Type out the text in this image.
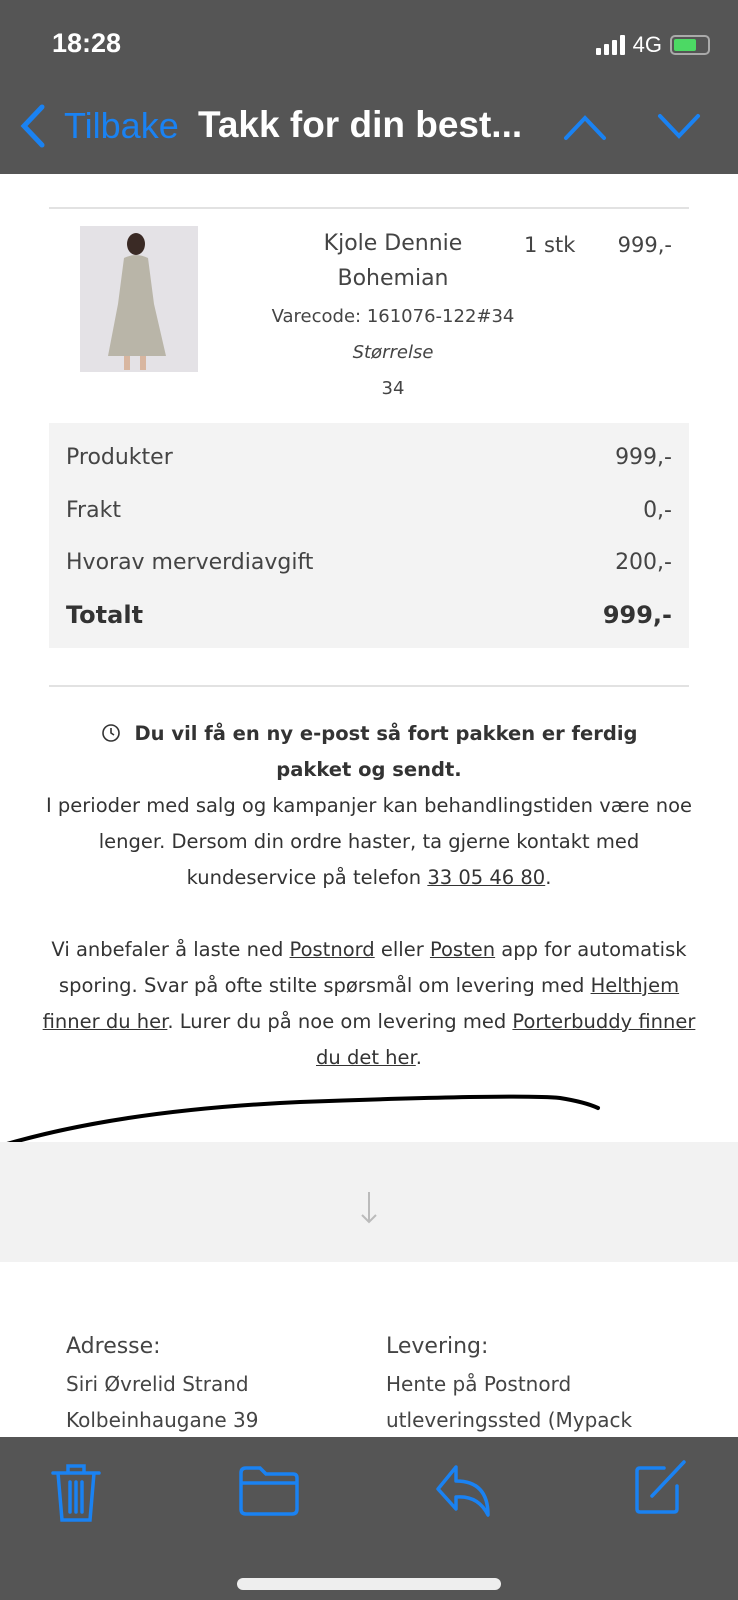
18:28	4G
Tilbake Takk for din best...
Kjole Dennie
Bohemian
Varecode: 161076-122#34
Størrelse
34
1 stk 999,-
Produkter	999,-
Frakt	0,-
Hvorav merverdiavgift	200,-
Totalt	999,-
Du vil få en ny e-post så fort pakken er ferdig pakket og sendt.
I perioder med salg og kampanjer kan behandlingstiden være noe lenger. Dersom din ordre haster, ta gjerne kontakt med kundeservice på telefon 33 05 46 80.
Vi anbefaler å laste ned Postnord eller Posten app for automatisk sporing. Svar på ofte stilte spørsmål om levering med Helthjem finner du her. Lurer du på noe om levering med Porterbuddy finner du det her.
Adresse:
Siri Øvrelid Strand
Kolbeinhaugane 39
Levering:
Hente på Postnord
utleveringssted (Mypack
